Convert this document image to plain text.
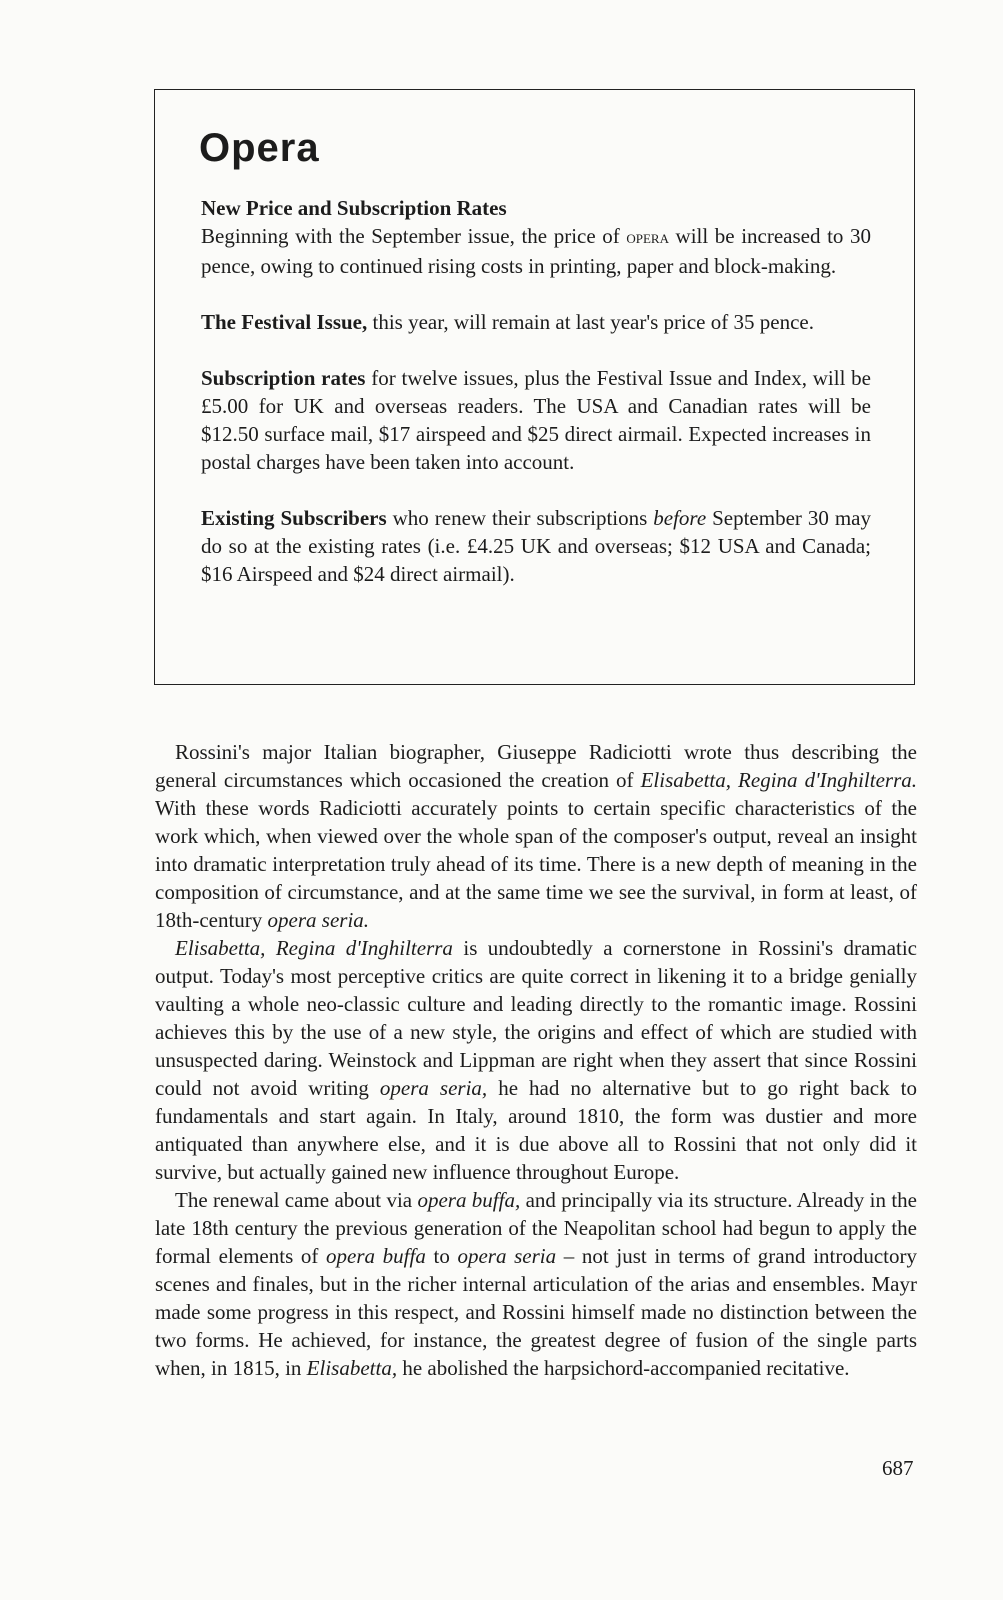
Opera

New Price and Subscription Rates
Beginning with the September issue, the price of opera will be increased to 30 pence, owing to continued rising costs in printing, paper and block-making.

The Festival Issue, this year, will remain at last year's price of 35 pence.

Subscription rates for twelve issues, plus the Festival Issue and Index, will be £5.00 for UK and overseas readers. The USA and Canadian rates will be $12.50 surface mail, $17 airspeed and $25 direct airmail. Expected increases in postal charges have been taken into account.

Existing Subscribers who renew their subscriptions before September 30 may do so at the existing rates (i.e. £4.25 UK and overseas; $12 USA and Canada; $16 Airspeed and $24 direct airmail).

Rossini's major Italian biographer, Giuseppe Radiciotti wrote thus describing the general circumstances which occasioned the creation of Elisabetta, Regina d'Inghilterra. With these words Radiciotti accurately points to certain specific characteristics of the work which, when viewed over the whole span of the composer's output, reveal an insight into dramatic interpretation truly ahead of its time. There is a new depth of meaning in the composition of circumstance, and at the same time we see the survival, in form at least, of 18th-century opera seria.

Elisabetta, Regina d'Inghilterra is undoubtedly a cornerstone in Rossini's dramatic output. Today's most perceptive critics are quite correct in likening it to a bridge genially vaulting a whole neo-classic culture and leading directly to the romantic image. Rossini achieves this by the use of a new style, the origins and effect of which are studied with unsuspected daring. Weinstock and Lippman are right when they assert that since Rossini could not avoid writing opera seria, he had no alternative but to go right back to fundamentals and start again. In Italy, around 1810, the form was dustier and more antiquated than anywhere else, and it is due above all to Rossini that not only did it survive, but actually gained new influence throughout Europe.

The renewal came about via opera buffa, and principally via its structure. Already in the late 18th century the previous generation of the Neapolitan school had begun to apply the formal elements of opera buffa to opera seria – not just in terms of grand introductory scenes and finales, but in the richer internal articulation of the arias and ensembles. Mayr made some progress in this respect, and Rossini himself made no distinction between the two forms. He achieved, for instance, the greatest degree of fusion of the single parts when, in 1815, in Elisabetta, he abolished the harpsichord-accompanied recitative.

687
